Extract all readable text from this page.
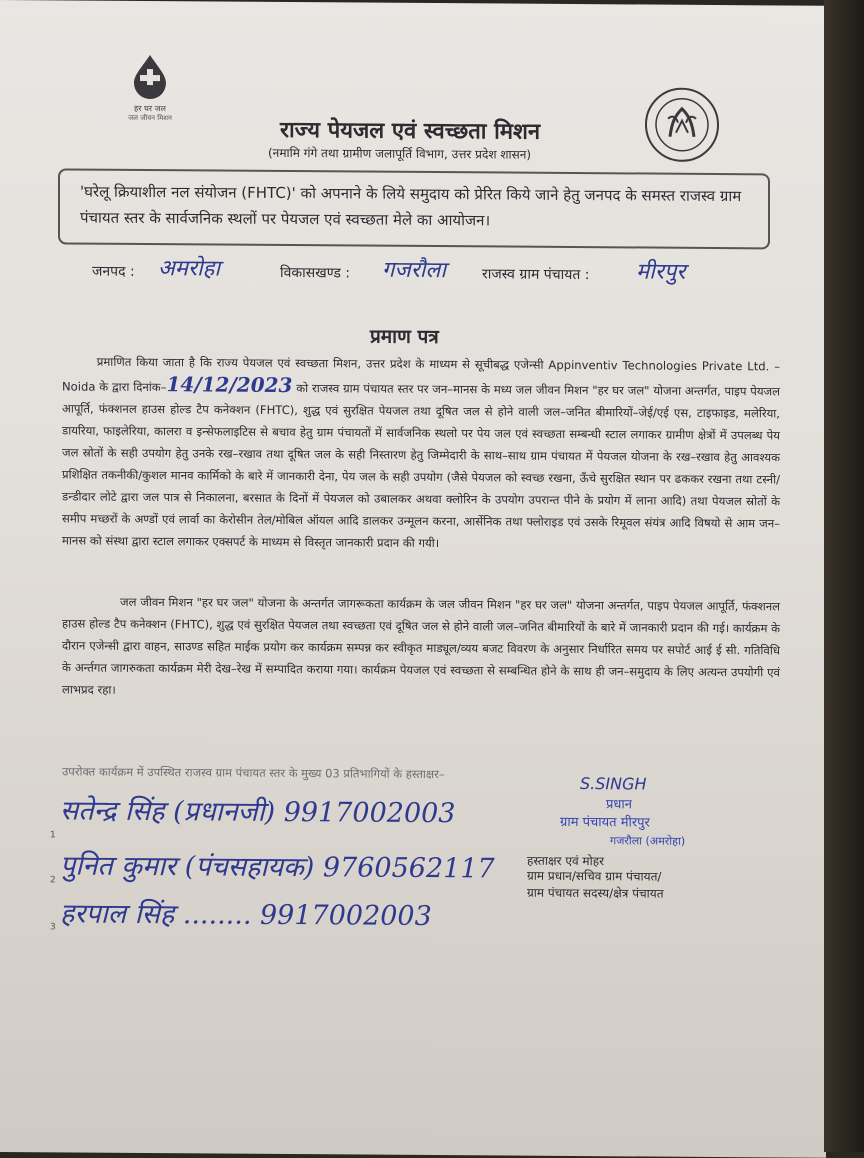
हर घर जल
जल जीवन मिशन	राज्य पेयजल एवं स्वच्छता मिशन
(नमामि गंगे तथा ग्रामीण जलापूर्ति विभाग, उत्तर प्रदेश शासन)
'घरेलू क्रियाशील नल संयोजन (FHTC)' को अपनाने के लिये समुदाय को प्रेरित किये जाने हेतु जनपद के समस्त राजस्व ग्राम पंचायत स्तर के सार्वजनिक स्थलों पर पेयजल एवं स्वच्छता मेले का आयोजन।
जनपद : अमरोहा	विकासखण्ड : गजरौला	राजस्व ग्राम पंचायत : मीरपुर
प्रमाण पत्र
   प्रमाणित किया जाता है कि राज्य पेयजल एवं स्वच्छता मिशन, उत्तर प्रदेश के माध्यम से सूचीबद्ध एजेन्सी Appinventiv Technologies Private Ltd. – Noida के द्वारा दिनांक–14/12/2023 को राजस्व ग्राम पंचायत स्तर पर जन–मानस के मध्य जल जीवन मिशन "हर घर जल" योजना अन्तर्गत, पाइप पेयजल आपूर्ति, फंक्शनल हाउस होल्ड टैप कनेक्शन (FHTC), शुद्ध एवं सुरक्षित पेयजल तथा दूषित जल से होने वाली जल–जनित बीमारियों–जेई/एई एस, टाइफाइड, मलेरिया, डायरिया, फाइलेरिया, कालरा व इन्सेफलाइटिस से बचाव हेतु ग्राम पंचायतों में सार्वजनिक स्थलो पर पेय जल एवं स्वच्छता सम्बन्धी स्टाल लगाकर ग्रामीण क्षेत्रों में उपलब्ध पेय जल स्रोतों के सही उपयोग हेतु उनके रख–रखाव तथा दूषित जल के सही निस्तारण हेतु जिम्मेदारी के साथ–साथ ग्राम पंचायत में पेयजल योजना के रख–रखाव हेतु आवश्यक प्रशिक्षित तकनीकी/कुशल मानव कार्मिको के बारे में जानकारी देना, पेय जल के सही उपयोग (जैसे पेयजल को स्वच्छ रखना, ऊँचे सुरक्षित स्थान पर ढककर रखना तथा टस्नी/डन्डीदार लोटे द्वारा जल पात्र से निकालना, बरसात के दिनों में पेयजल को उबालकर अथवा क्लोरिन के उपयोग उपरान्त पीने के प्रयोग में लाना आदि) तथा पेयजल स्रोतों के समीप मच्छरों के अण्डों एवं लार्वा का केरोसीन तेल/मोबिल ऑयल आदि डालकर उन्मूलन करना, आर्सेनिक तथा फ्लोराइड एवं उसके रिमूवल संयंत्र आदि विषयो से आम जन–मानस को संस्था द्वारा स्टाल लगाकर एक्सपर्ट के माध्यम से विस्तृत जानकारी प्रदान की गयी।
     जल जीवन मिशन "हर घर जल" योजना के अन्तर्गत जागरूकता कार्यक्रम के जल जीवन मिशन "हर घर जल" योजना अन्तर्गत, पाइप पेयजल आपूर्ति, फंक्शनल हाउस होल्ड टैप कनेक्शन (FHTC), शुद्ध एवं सुरक्षित पेयजल तथा स्वच्छता एवं दूषित जल से होने वाली जल–जनित बीमारियों के बारे में जानकारी प्रदान की गई। कार्यक्रम के दौरान एजेन्सी द्वारा वाहन, साउण्ड सहित माईक प्रयोग कर कार्यक्रम सम्पन्न कर स्वीकृत माड्यूल/व्यय बजट विवरण के अनुसार निर्धारित समय पर सपोर्ट आई ई सी. गतिविधि के अर्न्तगत जागरुकता कार्यक्रम मेरी देख–रेख में सम्पादित कराया गया। कार्यक्रम पेयजल एवं स्वच्छता से सम्बन्धित होने के साथ ही जन–समुदाय के लिए अत्यन्त उपयोगी एवं लाभप्रद रहा।
उपरोक्त कार्यक्रम में उपस्थित राजस्व ग्राम पंचायत स्तर के मुख्य 03 प्रतिभागियों के हस्ताक्षर–
सतेन्द्र सिंह (प्रधानजी) 9917002003
पुनित कुमार (पंचसहायक) 9760562117
हरपाल सिंह ........ 9917002003
1
2
3
S.SINGH
प्रधान
ग्राम पंचायत मीरपुर
गजरौला (अमरोहा)
हस्ताक्षर एवं मोहर
ग्राम प्रधान/सचिव ग्राम पंचायत/
ग्राम पंचायत सदस्य/क्षेत्र पंचायत
